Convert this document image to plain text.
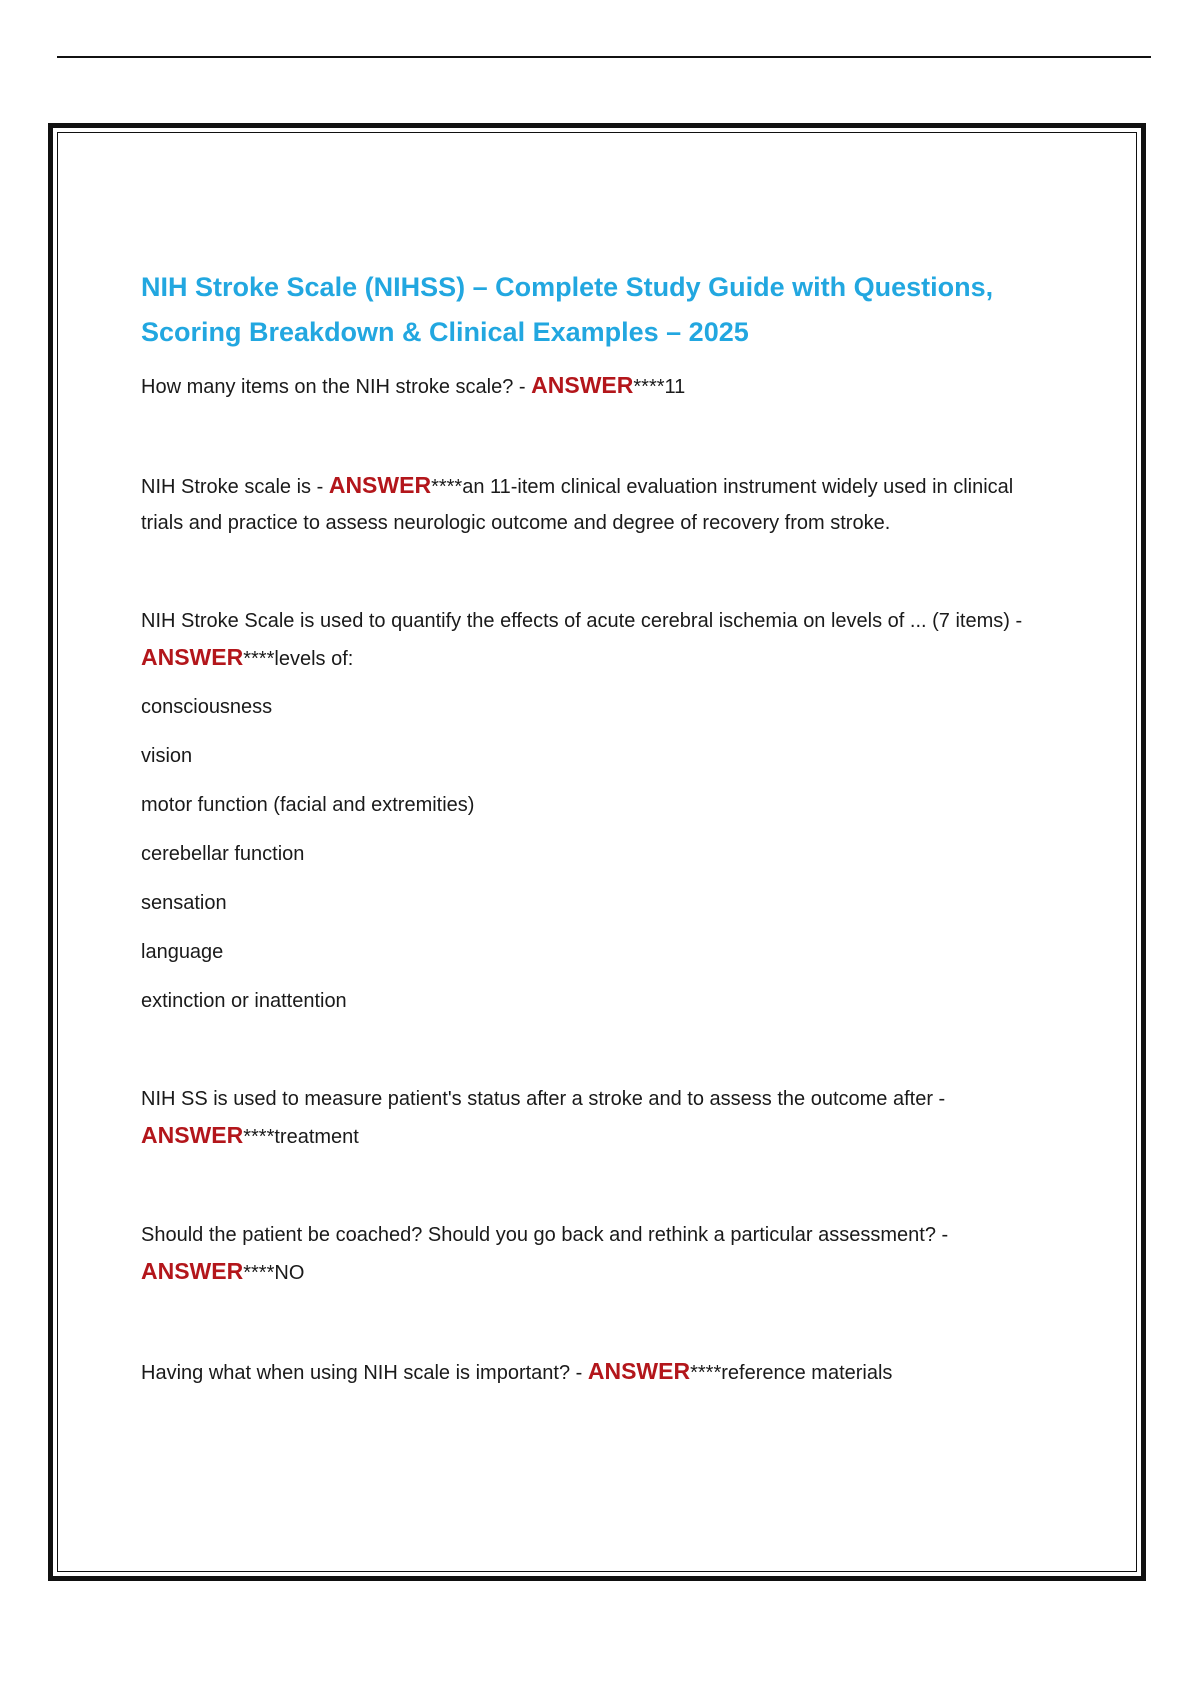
NIH Stroke Scale (NIHSS) – Complete Study Guide with Questions, Scoring Breakdown & Clinical Examples – 2025

How many items on the NIH stroke scale? - ANSWER****11

NIH Stroke scale is - ANSWER****an 11-item clinical evaluation instrument widely used in clinical trials and practice to assess neurologic outcome and degree of recovery from stroke.

NIH Stroke Scale is used to quantify the effects of acute cerebral ischemia on levels of ... (7 items) - ANSWER****levels of:

consciousness

vision

motor function (facial and extremities)

cerebellar function

sensation

language

extinction or inattention

NIH SS is used to measure patient's status after a stroke and to assess the outcome after - ANSWER****treatment

Should the patient be coached? Should you go back and rethink a particular assessment? - ANSWER****NO

Having what when using NIH scale is important? - ANSWER****reference materials
